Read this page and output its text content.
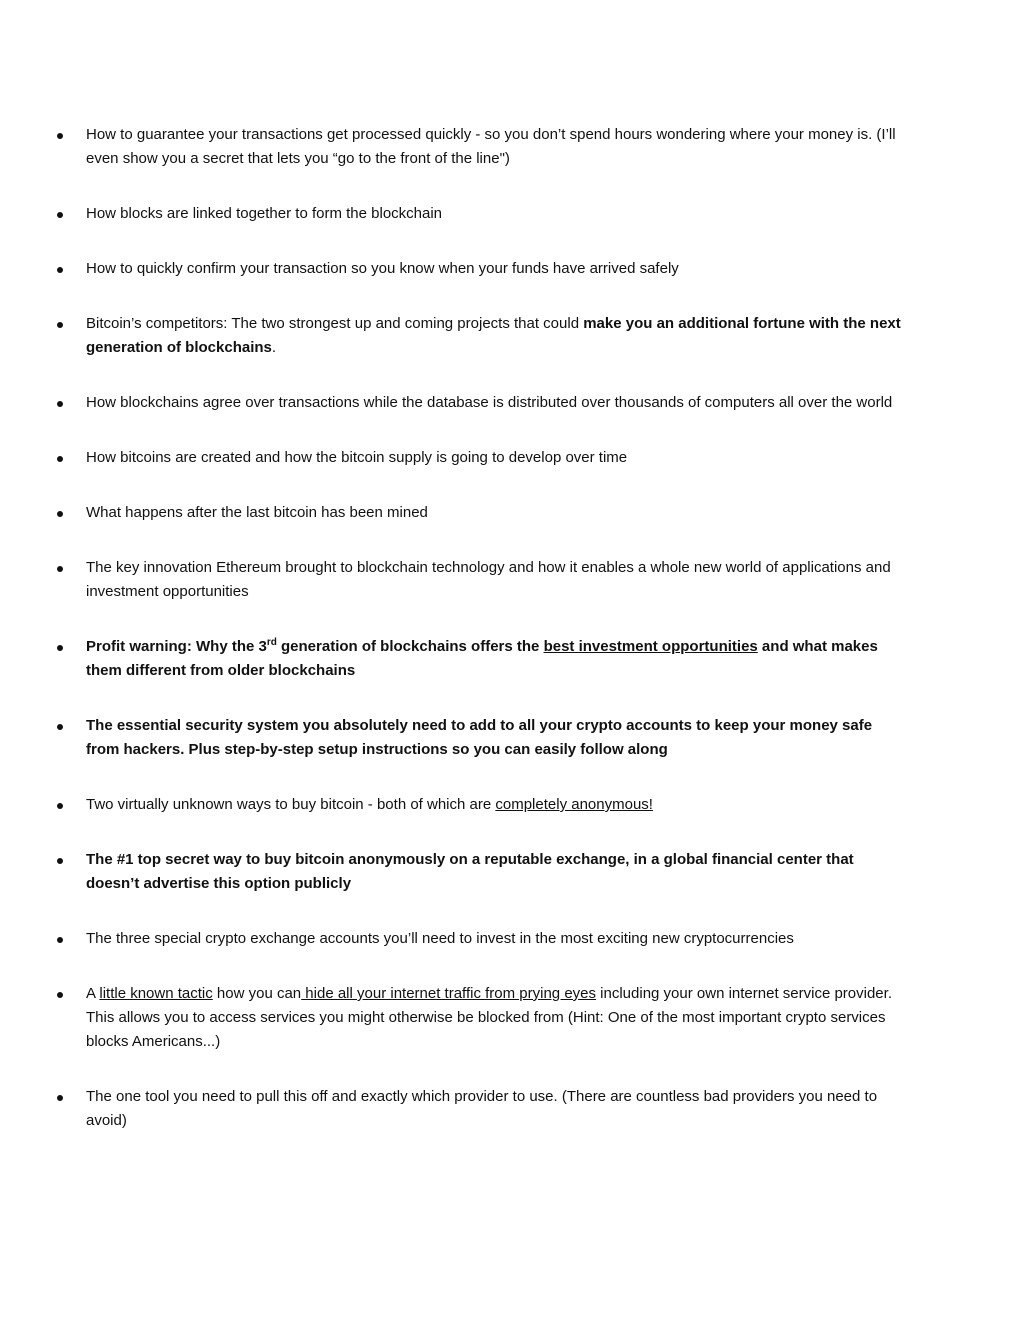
How to guarantee your transactions get processed quickly - so you don’t spend hours wondering where your money is. (I’ll even show you a secret that lets you “go to the front of the line")
How blocks are linked together to form the blockchain
How to quickly confirm your transaction so you know when your funds have arrived safely
Bitcoin’s competitors: The two strongest up and coming projects that could make you an additional fortune with the next generation of blockchains.
How blockchains agree over transactions while the database is distributed over thousands of computers all over the world
How bitcoins are created and how the bitcoin supply is going to develop over time
What happens after the last bitcoin has been mined
The key innovation Ethereum brought to blockchain technology and how it enables a whole new world of applications and investment opportunities
Profit warning: Why the 3rd generation of blockchains offers the best investment opportunities and what makes them different from older blockchains
The essential security system you absolutely need to add to all your crypto accounts to keep your money safe from hackers. Plus step-by-step setup instructions so you can easily follow along
Two virtually unknown ways to buy bitcoin - both of which are completely anonymous!
The #1 top secret way to buy bitcoin anonymously on a reputable exchange, in a global financial center that doesn’t advertise this option publicly
The three special crypto exchange accounts you’ll need to invest in the most exciting new cryptocurrencies
A little known tactic how you can hide all your internet traffic from prying eyes including your own internet service provider. This allows you to access services you might otherwise be blocked from (Hint: One of the most important crypto services blocks Americans...)
The one tool you need to pull this off and exactly which provider to use. (There are countless bad providers you need to avoid)
